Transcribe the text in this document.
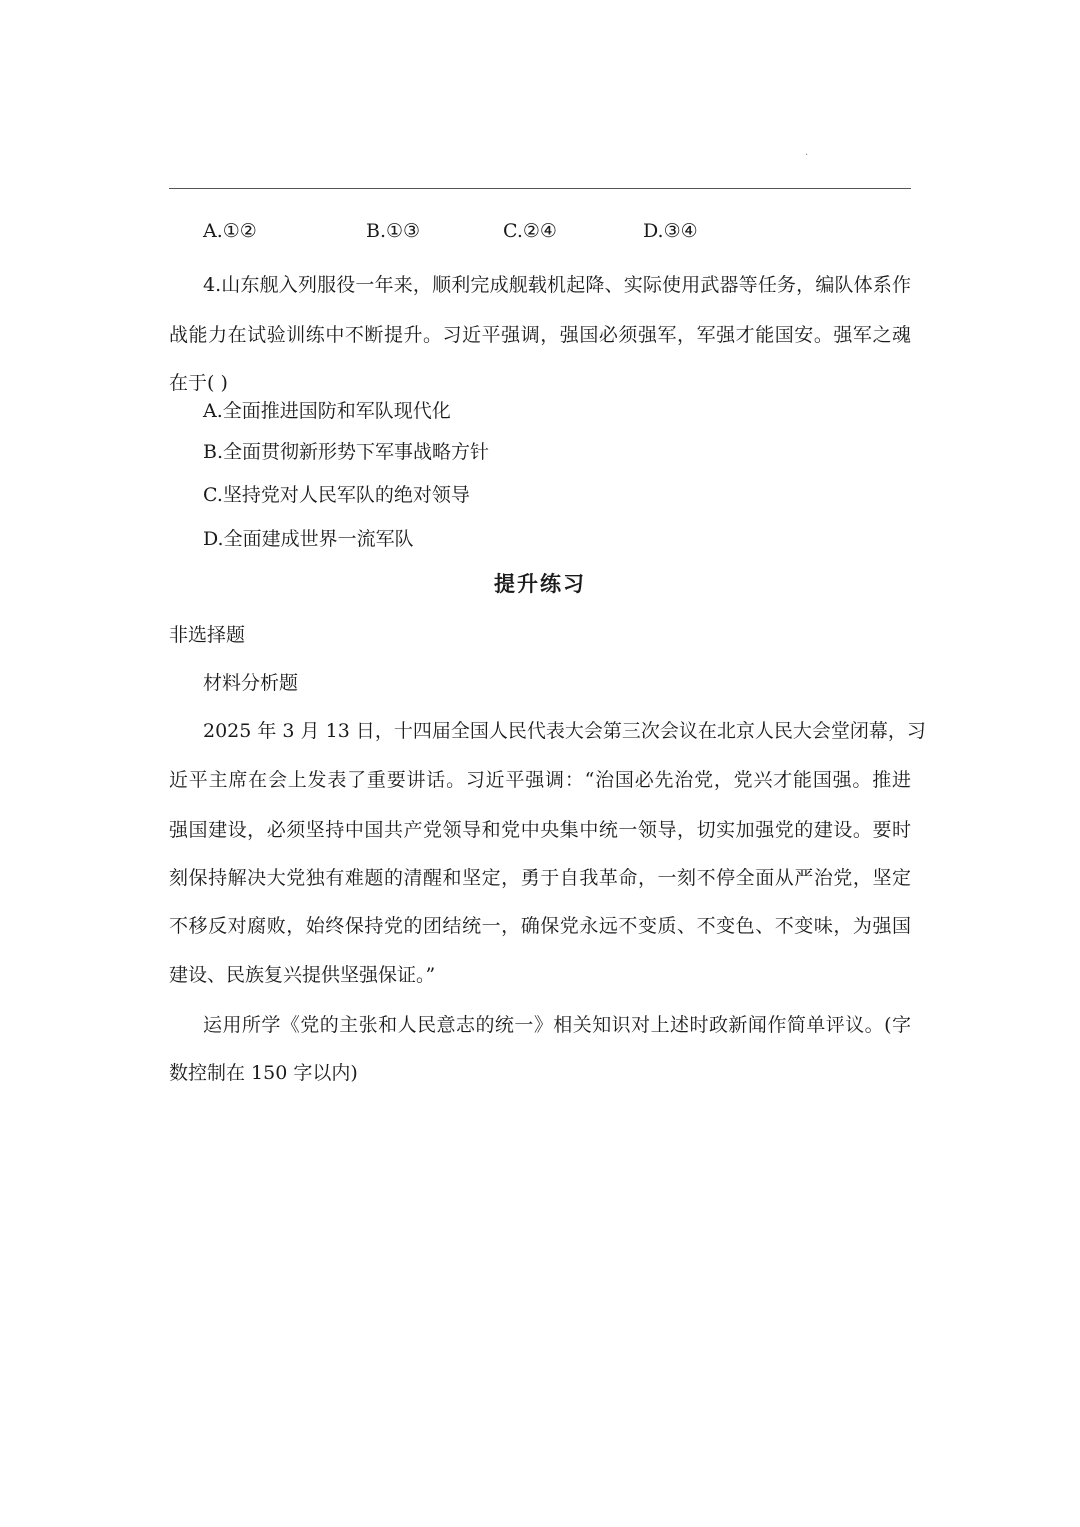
·
A.①②	B.①③	C.②④	D.③④
4.山东舰入列服役一年来，顺利完成舰载机起降、实际使用武器等任务，编队体系作
战能力在试验训练中不断提升。习近平强调，强国必须强军，军强才能国安。强军之魂
在于( )
A.全面推进国防和军队现代化
B.全面贯彻新形势下军事战略方针
C.坚持党对人民军队的绝对领导
D.全面建成世界一流军队
提升练习
非选择题
材料分析题
2025 年 3 月 13 日，十四届全国人民代表大会第三次会议在北京人民大会堂闭幕，习
近平主席在会上发表了重要讲话。习近平强调：“治国必先治党，党兴才能国强。推进
强国建设，必须坚持中国共产党领导和党中央集中统一领导，切实加强党的建设。要时
刻保持解决大党独有难题的清醒和坚定，勇于自我革命，一刻不停全面从严治党，坚定
不移反对腐败，始终保持党的团结统一，确保党永远不变质、不变色、不变味，为强国
建设、民族复兴提供坚强保证。”
运用所学《党的主张和人民意志的统一》相关知识对上述时政新闻作简单评议。(字
数控制在 150 字以内)
